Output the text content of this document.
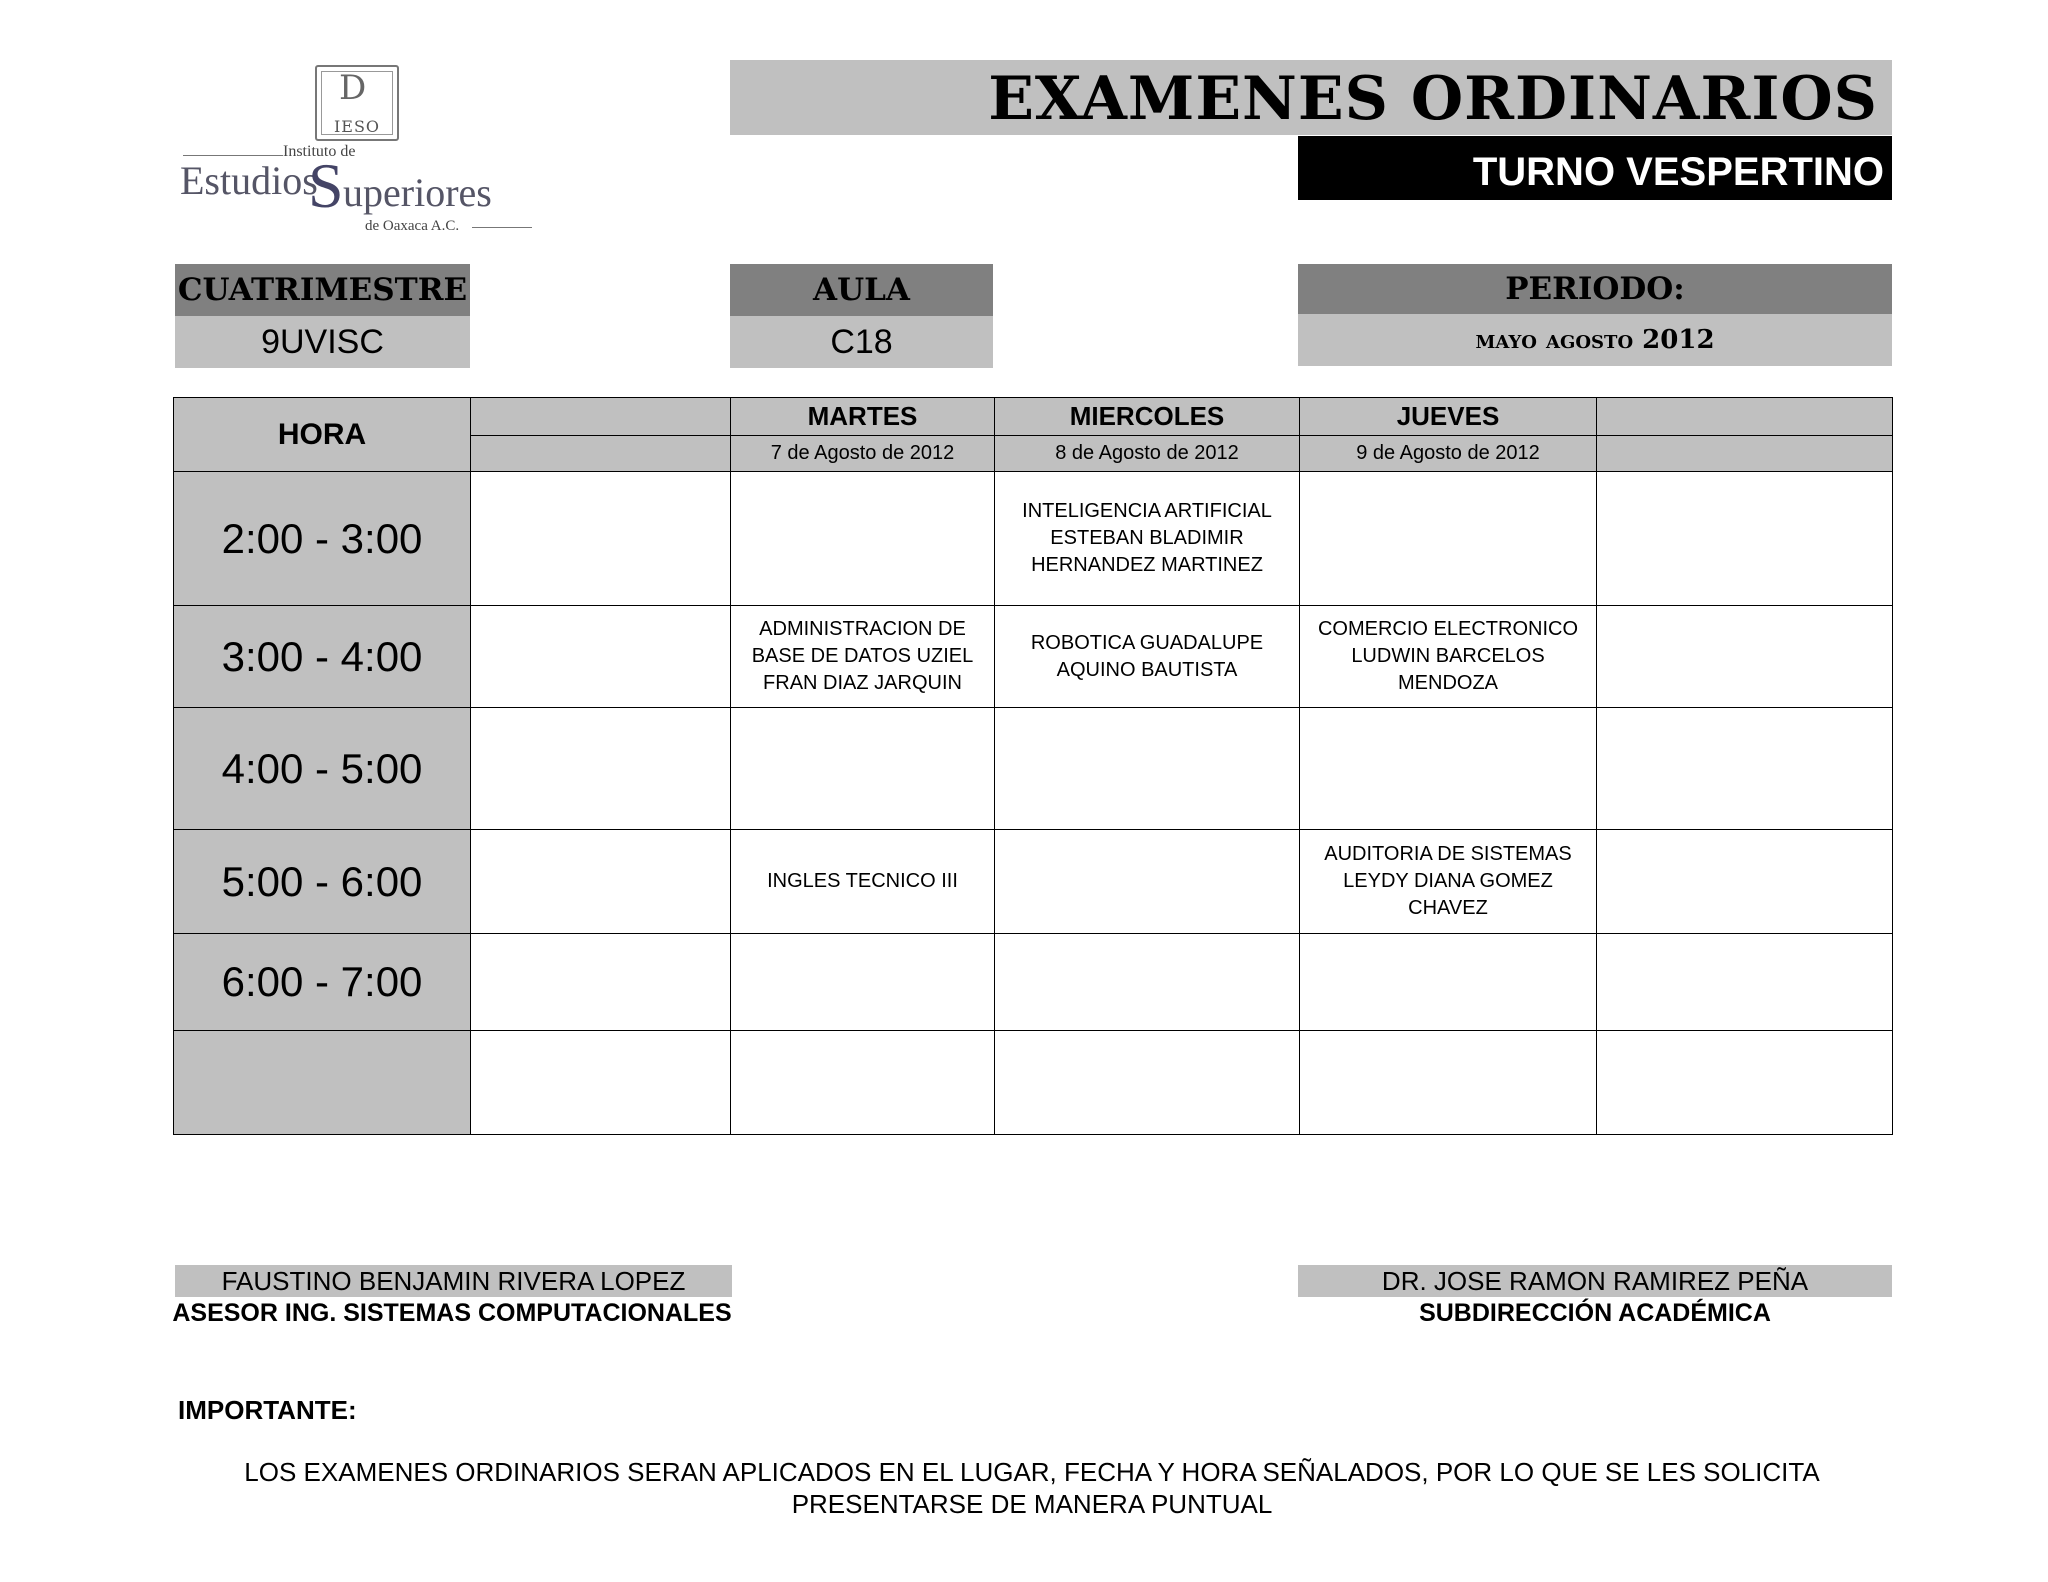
D
IESO
Instituto de
Estudios
S uperiores
de Oaxaca A.C.
EXAMENES ORDINARIOS
TURNO VESPERTINO
CUATRIMESTRE
9UVISC
AULA
C18
PERIODO:
mayo agosto 2012
HORA
MARTES
7 de Agosto de 2012
MIERCOLES
8 de Agosto de 2012
JUEVES
9 de Agosto de 2012
2:00 - 3:00
INTELIGENCIA ARTIFICIAL ESTEBAN BLADIMIR HERNANDEZ MARTINEZ
3:00 - 4:00
ADMINISTRACION DE BASE DE DATOS UZIEL FRAN DIAZ JARQUIN
ROBOTICA GUADALUPE AQUINO BAUTISTA
COMERCIO ELECTRONICO LUDWIN BARCELOS MENDOZA
4:00 - 5:00
5:00 - 6:00	INGLES TECNICO III
AUDITORIA DE SISTEMAS LEYDY DIANA GOMEZ CHAVEZ
6:00 - 7:00
FAUSTINO BENJAMIN RIVERA LOPEZ
ASESOR ING. SISTEMAS COMPUTACIONALES
DR. JOSE RAMON RAMIREZ PEÑA
SUBDIRECCIÓN ACADÉMICA
IMPORTANTE:
LOS EXAMENES ORDINARIOS SERAN APLICADOS EN EL LUGAR, FECHA Y HORA SEÑALADOS, POR LO QUE SE LES SOLICITA PRESENTARSE DE MANERA PUNTUAL
